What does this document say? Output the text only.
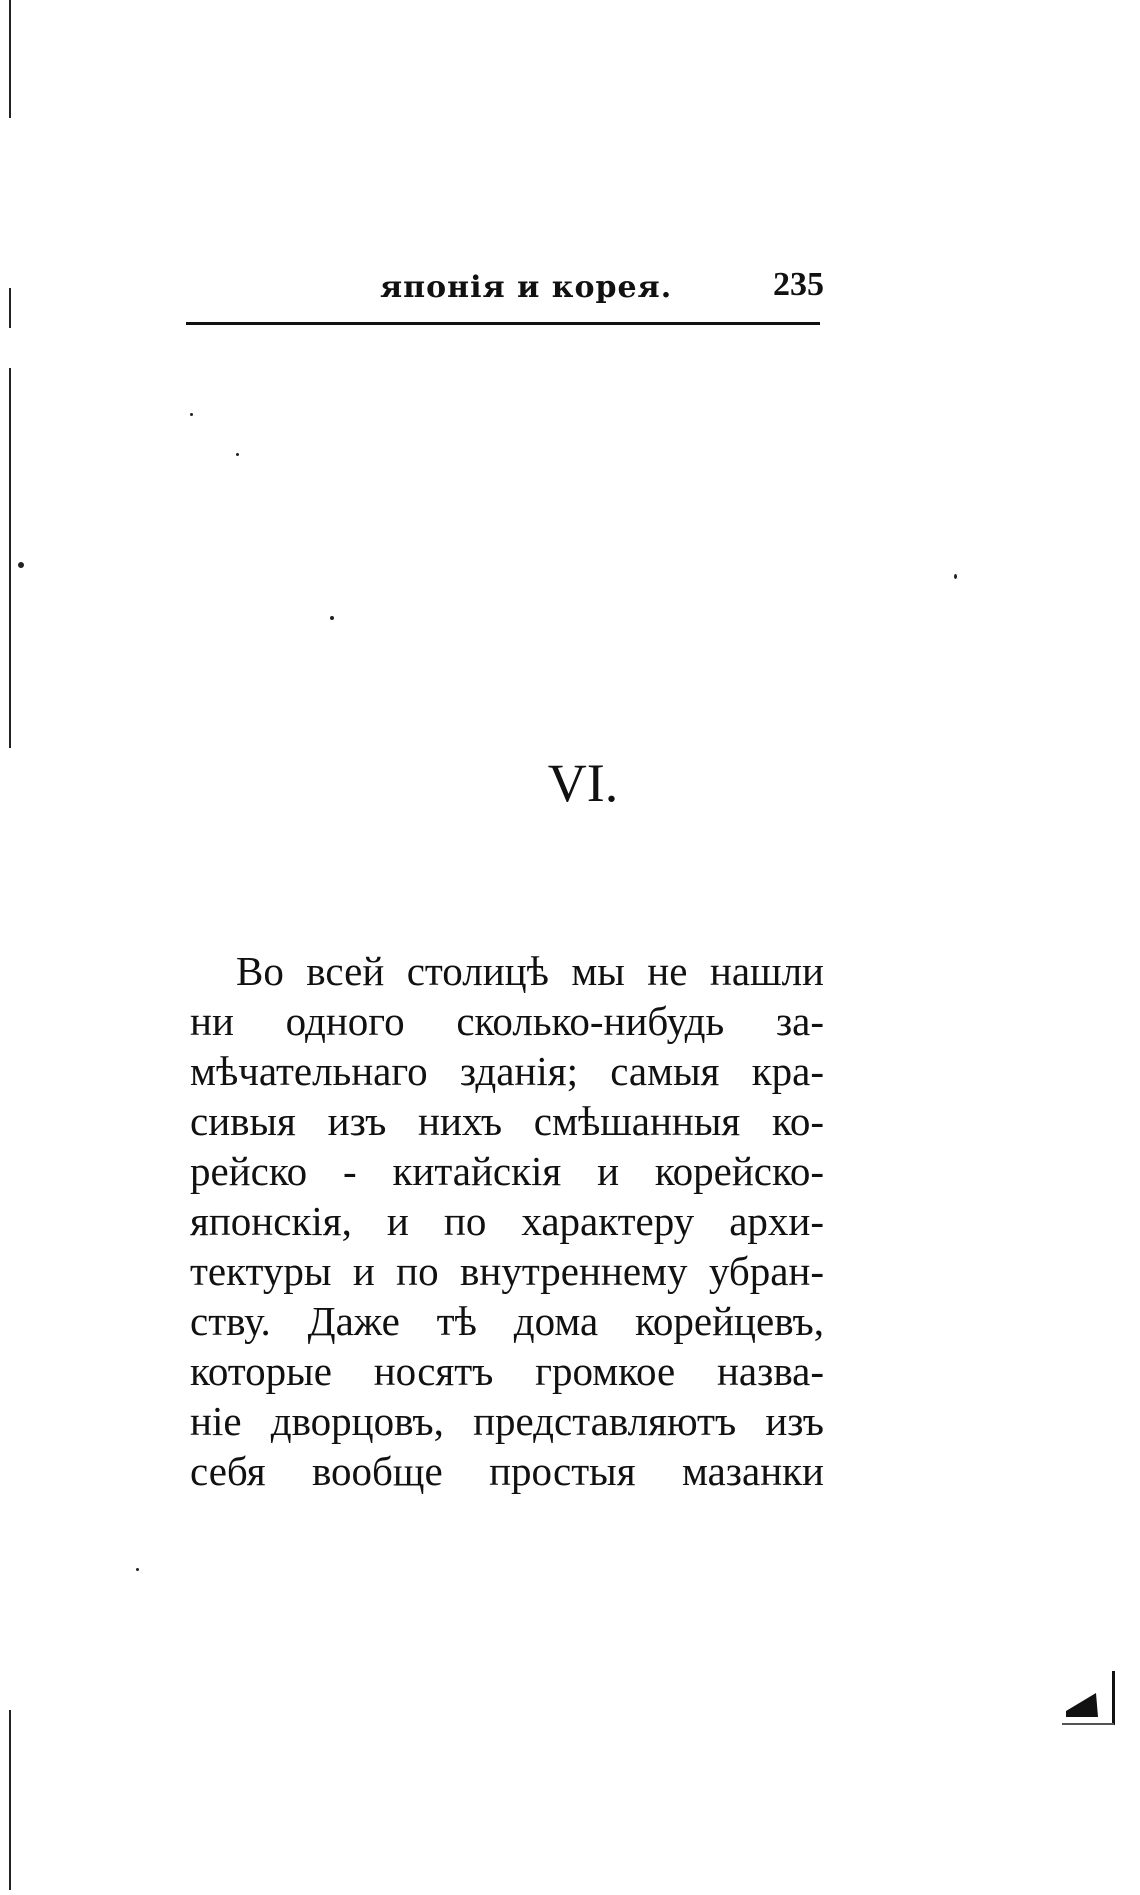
японія и корея.	235
VI.
Во всей столицѣ мы не нашли
ни одного сколько-нибудь за-
мѣчательнаго зданія; самыя кра-
сивыя изъ нихъ смѣшанныя ко-
рейско - китайскія и корейско-
японскія, и по характеру архи-
тектуры и по внутреннему убран-
ству. Даже тѣ дома корейцевъ,
которые носятъ громкое назва-
ніе дворцовъ, представляютъ изъ
себя вообще простыя мазанки
